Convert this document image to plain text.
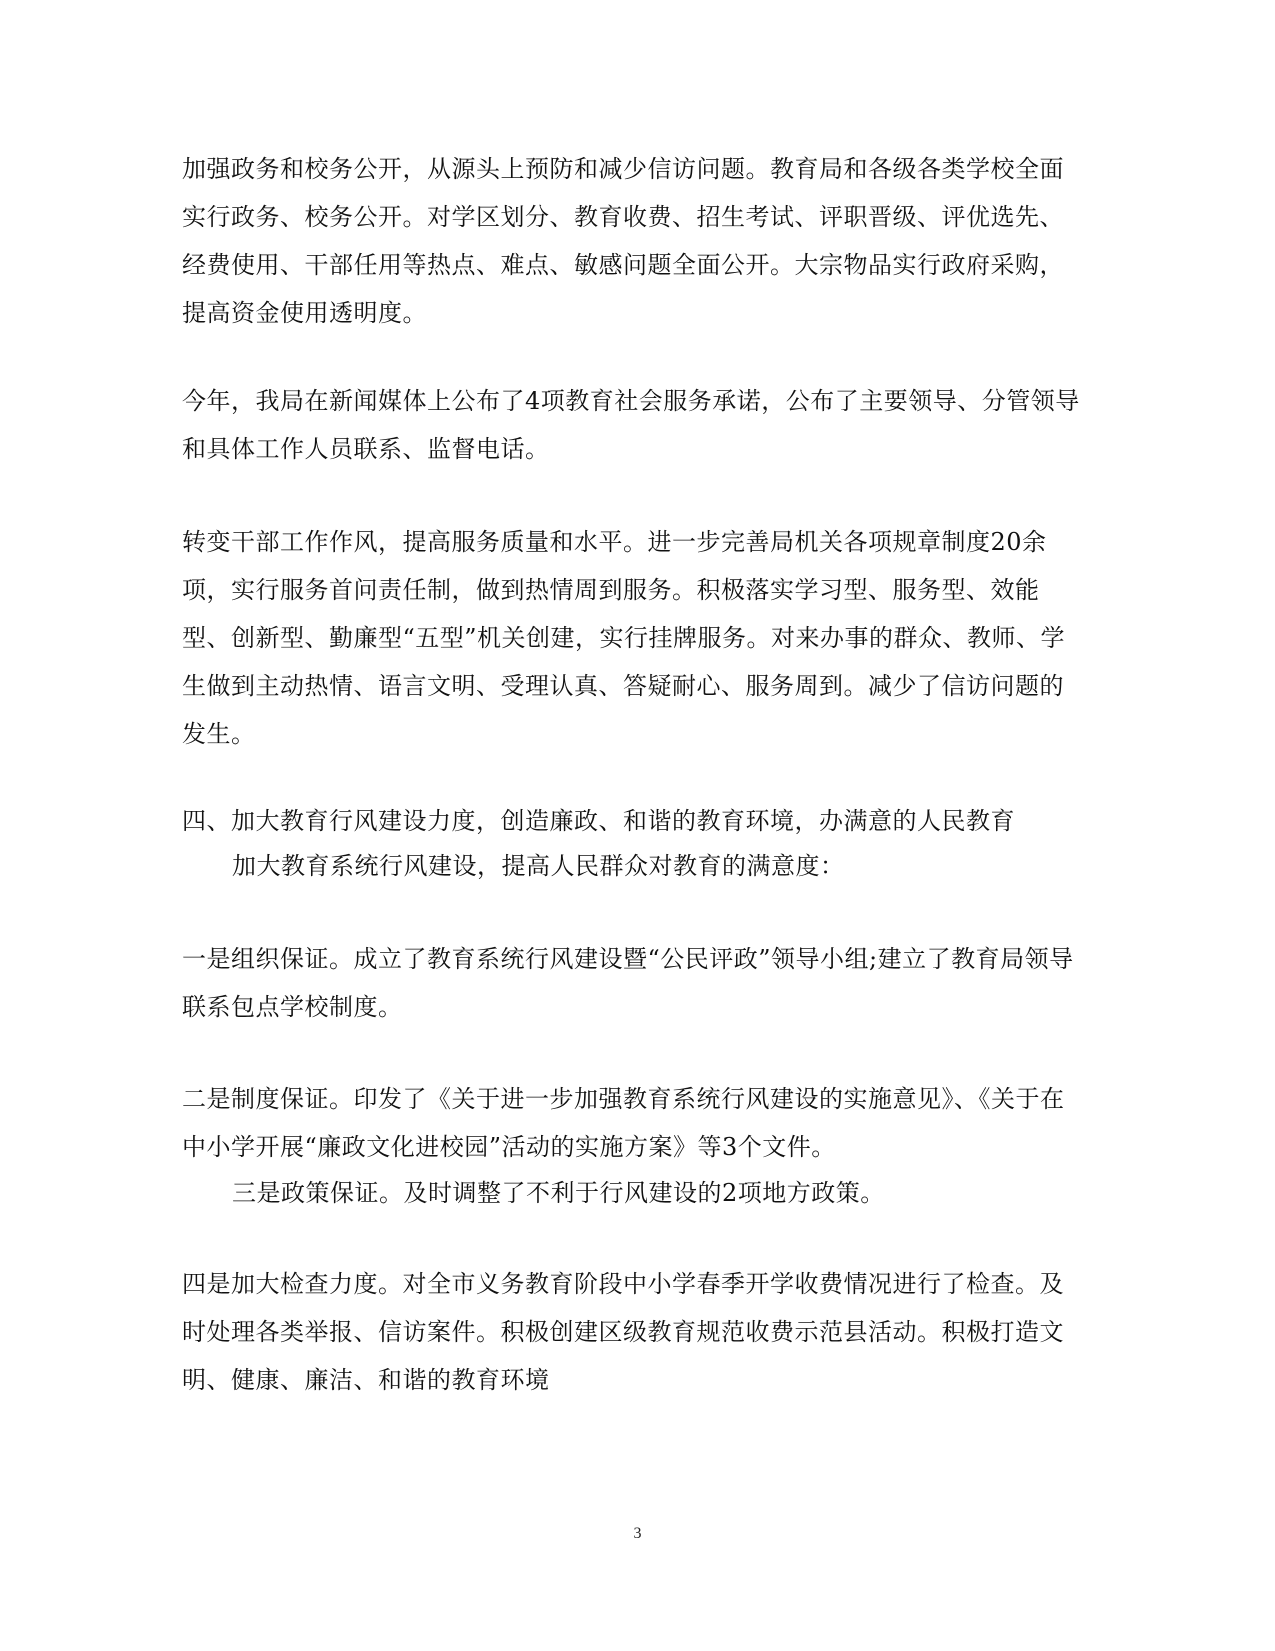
加强政务和校务公开，从源头上预防和减少信访问题。教育局和各级各类学校全面实行政务、校务公开。对学区划分、教育收费、招生考试、评职晋级、评优选先、经费使用、干部任用等热点、难点、敏感问题全面公开。大宗物品实行政府采购，提高资金使用透明度。

今年，我局在新闻媒体上公布了4项教育社会服务承诺，公布了主要领导、分管领导和具体工作人员联系、监督电话。

转变干部工作作风，提高服务质量和水平。进一步完善局机关各项规章制度20余项，实行服务首问责任制，做到热情周到服务。积极落实学习型、服务型、效能型、创新型、勤廉型“五型”机关创建，实行挂牌服务。对来办事的群众、教师、学生做到主动热情、语言文明、受理认真、答疑耐心、服务周到。减少了信访问题的发生。

四、加大教育行风建设力度，创造廉政、和谐的教育环境，办满意的人民教育

加大教育系统行风建设，提高人民群众对教育的满意度：

一是组织保证。成立了教育系统行风建设暨“公民评政”领导小组;建立了教育局领导联系包点学校制度。

二是制度保证。印发了《关于进一步加强教育系统行风建设的实施意见》、《关于在中小学开展“廉政文化进校园”活动的实施方案》等3个文件。

三是政策保证。及时调整了不利于行风建设的2项地方政策。

四是加大检查力度。对全市义务教育阶段中小学春季开学收费情况进行了检查。及时处理各类举报、信访案件。积极创建区级教育规范收费示范县活动。积极打造文明、健康、廉洁、和谐的教育环境

3
